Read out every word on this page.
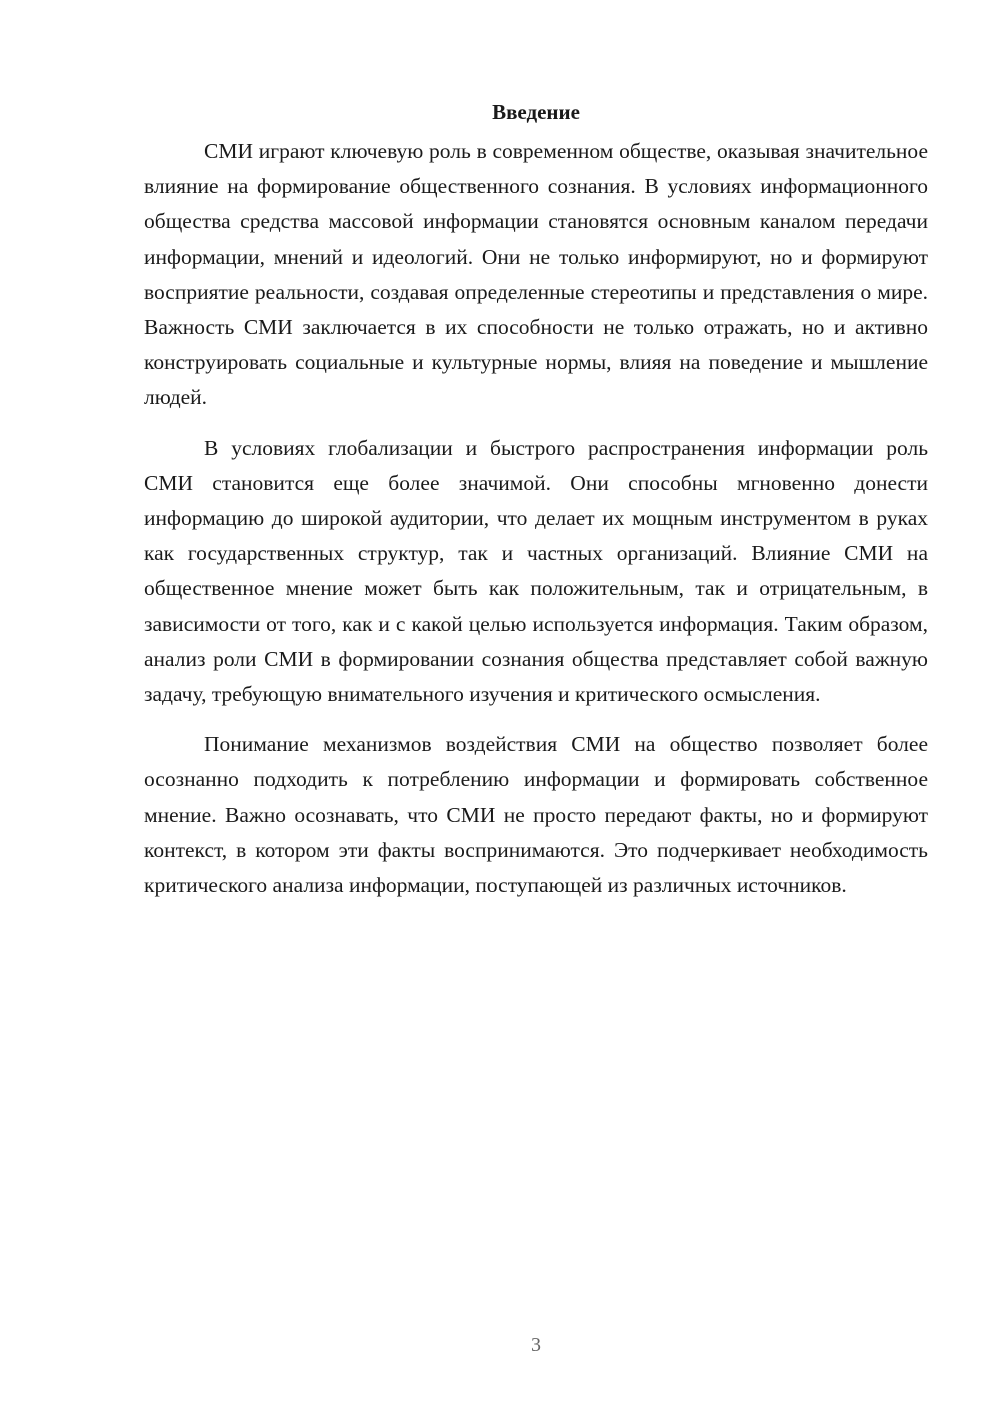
Введение

СМИ играют ключевую роль в современном обществе, оказывая значительное влияние на формирование общественного сознания. В условиях информационного общества средства массовой информации становятся основным каналом передачи информации, мнений и идеологий. Они не только информируют, но и формируют восприятие реальности, создавая определенные стереотипы и представления о мире. Важность СМИ заключается в их способности не только отражать, но и активно конструировать социальные и культурные нормы, влияя на поведение и мышление людей.

В условиях глобализации и быстрого распространения информации роль СМИ становится еще более значимой. Они способны мгновенно донести информацию до широкой аудитории, что делает их мощным инструментом в руках как государственных структур, так и частных организаций. Влияние СМИ на общественное мнение может быть как положительным, так и отрицательным, в зависимости от того, как и с какой целью используется информация. Таким образом, анализ роли СМИ в формировании сознания общества представляет собой важную задачу, требующую внимательного изучения и критического осмысления.

Понимание механизмов воздействия СМИ на общество позволяет более осознанно подходить к потреблению информации и формировать собственное мнение. Важно осознавать, что СМИ не просто передают факты, но и формируют контекст, в котором эти факты воспринимаются. Это подчеркивает необходимость критического анализа информации, поступающей из различных источников.

3
